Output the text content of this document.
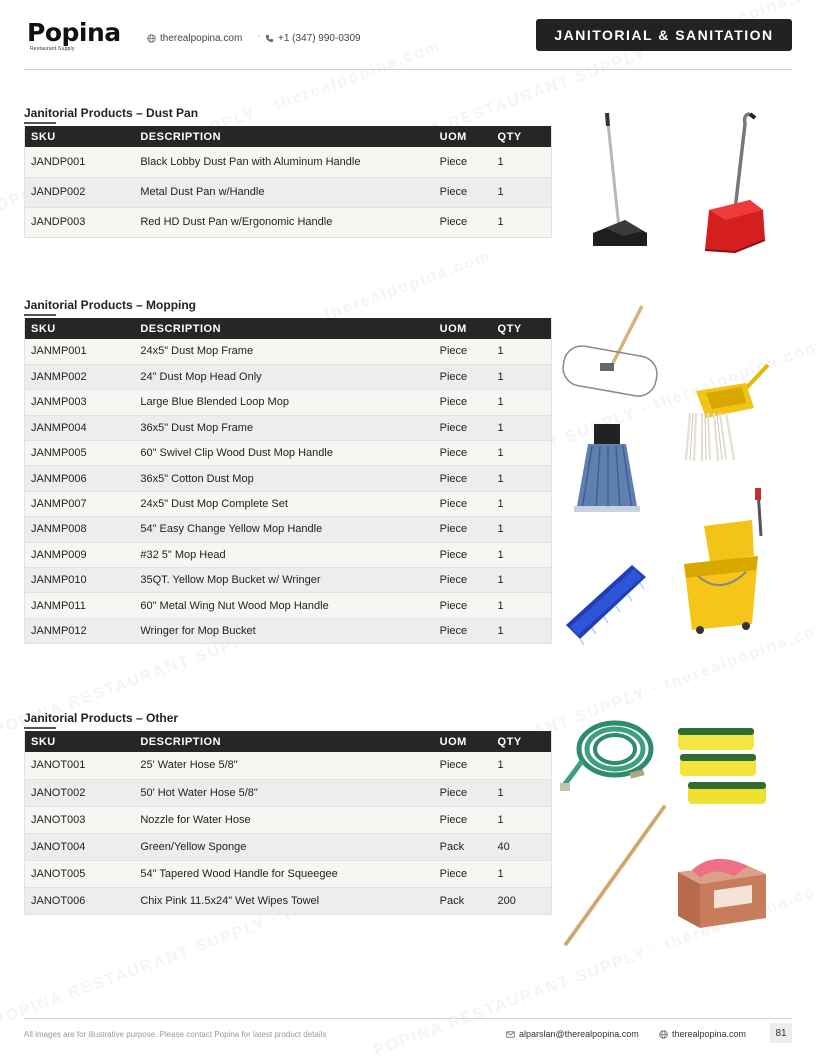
Popina
Restaurant Supply
therealpopina.com · +1 (347) 990-0309	JANITORIAL & SANITATION
Janitorial Products – Dust Pan
SKU	DESCRIPTION	UOM	QTY
JANDP001	Black Lobby Dust Pan with Aluminum Handle	Piece	1
JANDP002	Metal Dust Pan w/Handle	Piece	1
JANDP003	Red HD Dust Pan w/Ergonomic Handle	Piece	1
Janitorial Products – Mopping
SKU	DESCRIPTION	UOM	QTY
JANMP001	24x5" Dust Mop Frame	Piece	1
JANMP002	24" Dust Mop Head Only	Piece	1
JANMP003	Large Blue Blended Loop Mop	Piece	1
JANMP004	36x5" Dust Mop Frame	Piece	1
JANMP005	60" Swivel Clip Wood Dust Mop Handle	Piece	1
JANMP006	36x5" Cotton Dust Mop	Piece	1
JANMP007	24x5" Dust Mop Complete Set	Piece	1
JANMP008	54" Easy Change Yellow Mop Handle	Piece	1
JANMP009	#32 5" Mop Head	Piece	1
JANMP010	35QT. Yellow Mop Bucket w/ Wringer	Piece	1
JANMP011	60" Metal Wing Nut Wood Mop Handle	Piece	1
JANMP012	Wringer for Mop Bucket	Piece	1
Janitorial Products – Other
SKU	DESCRIPTION	UOM	QTY
JANOT001	25' Water Hose 5/8"	Piece	1
JANOT002	50' Hot Water Hose 5/8"	Piece	1
JANOT003	Nozzle for Water Hose	Piece	1
JANOT004	Green/Yellow Sponge	Pack	40
JANOT005	54" Tapered Wood Handle for Squeegee	Piece	1
JANOT006	Chix Pink 11.5x24" Wet Wipes Towel	Pack	200
All images are for illustrative purpose. Please contact Popina for latest product details	alparslan@therealpopina.com	therealpopina.com	81
